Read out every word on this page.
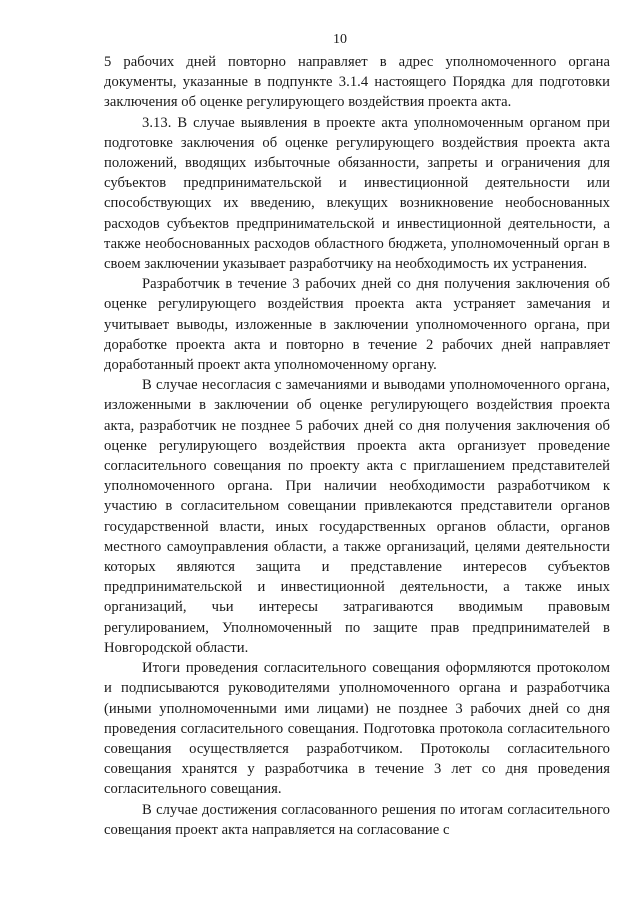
10

5 рабочих дней повторно направляет в адрес уполномоченного органа документы, указанные в подпункте 3.1.4 настоящего Порядка для подготовки заключения об оценке регулирующего воздействия проекта акта.

3.13. В случае выявления в проекте акта уполномоченным органом при подготовке заключения об оценке регулирующего воздействия проекта акта положений, вводящих избыточные обязанности, запреты и ограничения для субъектов предпринимательской и инвестиционной деятельности или способствующих их введению, влекущих возникновение необоснованных расходов субъектов предпринимательской и инвестиционной деятельности, а также необоснованных расходов областного бюджета, уполномоченный орган в своем заключении указывает разработчику на необходимость их устранения.

Разработчик в течение 3 рабочих дней со дня получения заключения об оценке регулирующего воздействия проекта акта устраняет замечания и учитывает выводы, изложенные в заключении уполномоченного органа, при доработке проекта акта и повторно в течение 2 рабочих дней направляет доработанный проект акта уполномоченному органу.

В случае несогласия с замечаниями и выводами уполномоченного органа, изложенными в заключении об оценке регулирующего воздействия проекта акта, разработчик не позднее 5 рабочих дней со дня получения заключения об оценке регулирующего воздействия проекта акта организует проведение согласительного совещания по проекту акта с приглашением представителей уполномоченного органа. При наличии необходимости разработчиком к участию в согласительном совещании привлекаются представители органов государственной власти, иных государственных органов области, органов местного самоуправления области, а также организаций, целями деятельности которых являются защита и представление интересов субъектов предпринимательской и инвестиционной деятельности, а также иных организаций, чьи интересы затрагиваются вводимым правовым регулированием, Уполномоченный по защите прав предпринимателей в Новгородской области.

Итоги проведения согласительного совещания оформляются протоколом и подписываются руководителями уполномоченного органа и разработчика (иными уполномоченными ими лицами) не позднее 3 рабочих дней со дня проведения согласительного совещания. Подготовка протокола согласительного совещания осуществляется разработчиком. Протоколы согласительного совещания хранятся у разработчика в течение 3 лет со дня проведения согласительного совещания.

В случае достижения согласованного решения по итогам согласительного совещания проект акта направляется на согласование с
